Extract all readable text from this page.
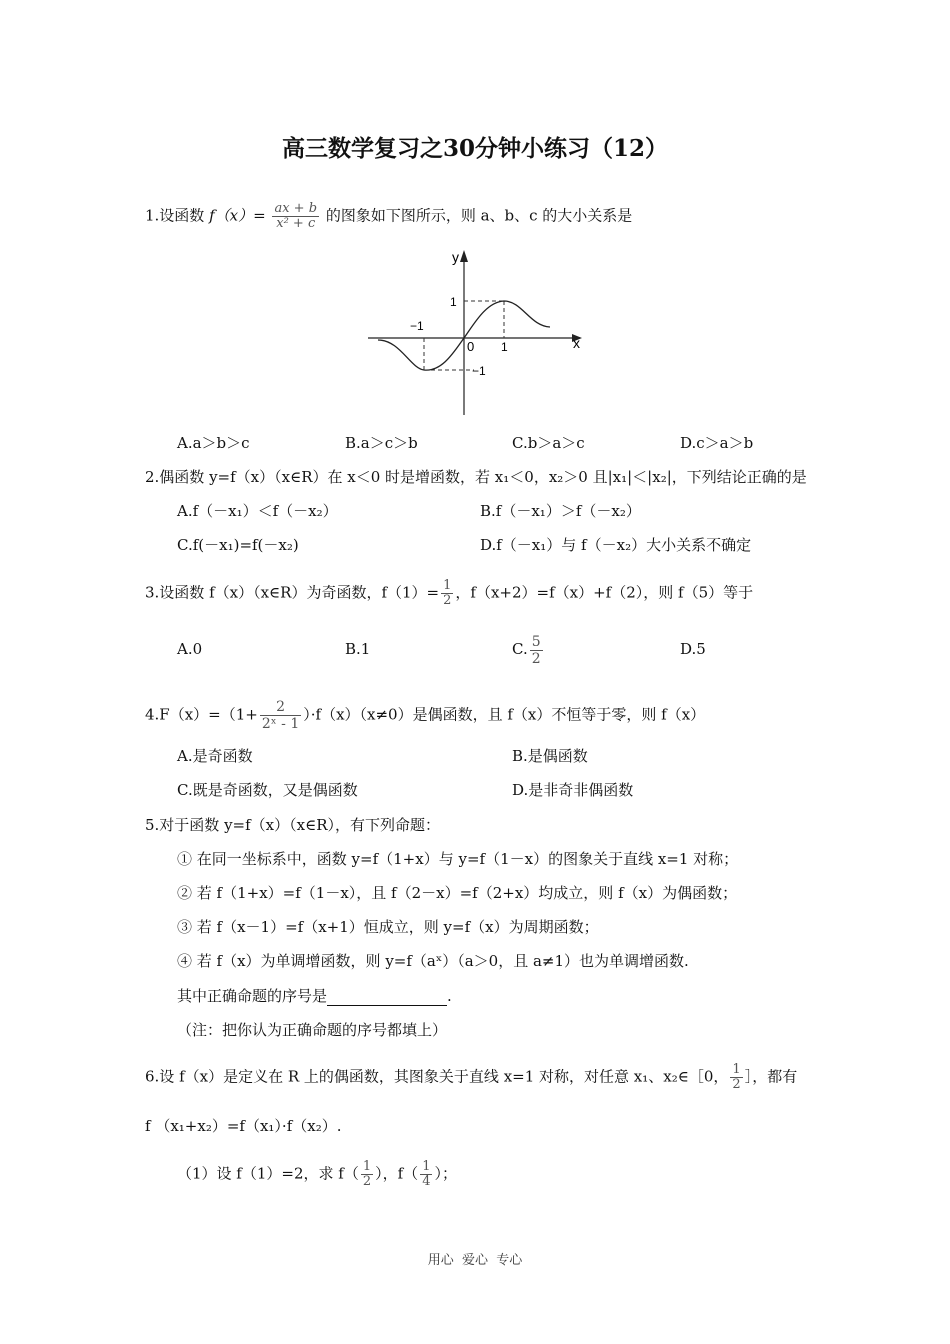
高三数学复习之30分钟小练习（12）
1.设函数 $f(x)= \frac{ax + b}{\text{x² + c}}$ 的图象如下图所示，则 a、b、c 的大小关系是
y
x
0 1
−1
1
−1
A.a＞b＞c	B.a＞c＞b	C.b＞a＞c	D.c＞a＞b
2.偶函数 y=f（x）（x∈R）在 x＜0 时是增函数，若 x₁＜0，x₂＞0 且|x₁|＜|x₂|，下列结论正确的是
A.f（－x₁）＜f（－x₂）	B.f（－x₁）＞f（－x₂）
C.f(－x₁)=f(－x₂)	D.f（－x₁）与 f（－x₂）大小关系不确定
3.设函数 f（x）（x∈R）为奇函数，$f(1)= \frac{1}{2}$ ，f（x+2）=f（x）+f（2），则 f（5）等于
A.0	B.1	C. $\frac{5}{2}$	D.5
$4.F(x)=(1+ \frac{2}{\text{2ˣ - 1}} )\cdot f(x)(x\ne 0)$是偶函数，且 f（x）不恒等于零，则 f（x）
A.是奇函数	B.是偶函数
C.既是奇函数，又是偶函数	D.是非奇非偶函数
5.对于函数 y=f（x）（x∈R），有下列命题：
① 在同一坐标系中，函数 y=f（1+x）与 y=f（1－x）的图象关于直线 x=1 对称；
② 若 f（1+x）=f（1－x），且 f（2－x）=f（2+x）均成立，则 f（x）为偶函数；
③ 若 f（x－1）=f（x+1）恒成立，则 y=f（x）为周期函数；
④ 若 f（x）为单调增函数，则 y=f（aˣ）（a＞0，且 a≠1）也为单调增函数.
其中正确命题的序号是	.
（注：把你认为正确命题的序号都填上）
6.设 f（x）是定义在 R 上的偶函数，其图象关于直线 x=1 对称，对任意 x₁、x₂∈［0， $\frac{1}{2}$ ］，都有
f （x₁+x₂）=f（x₁）·f（x₂）.
（1）设 f（1）=2，求 $f( \frac{1}{2}$ ），$f( \frac{1}{4}$ ）；
用心  爱心  专心
